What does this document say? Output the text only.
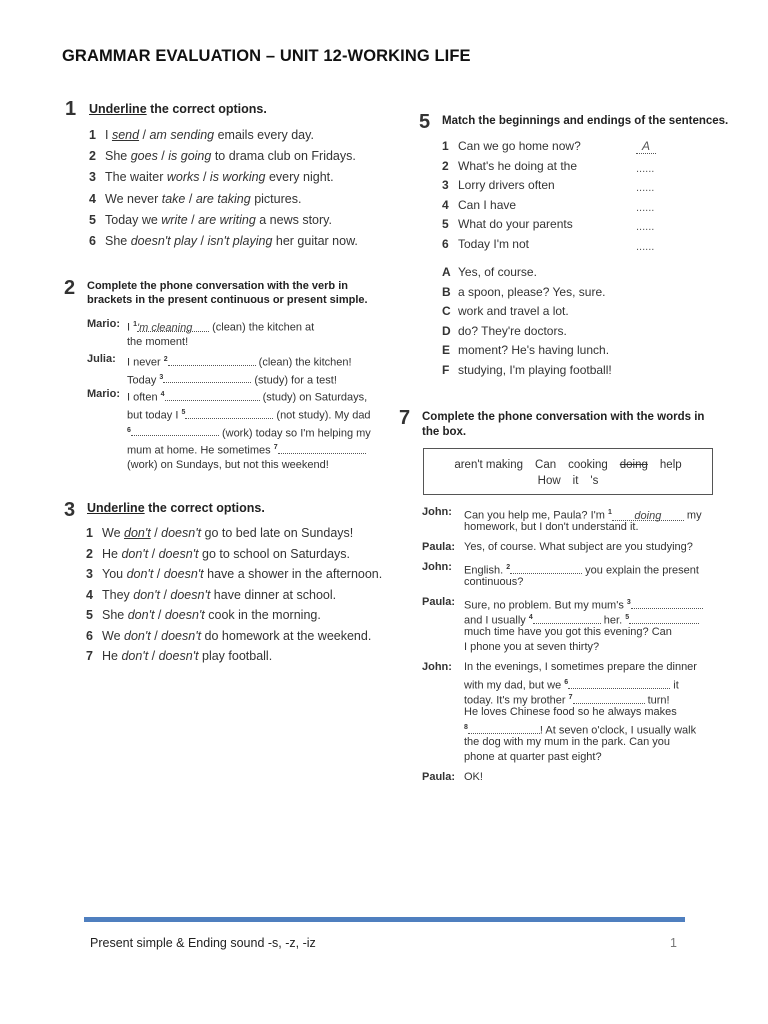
GRAMMAR EVALUATION – UNIT 12-WORKING LIFE
1 Underline the correct options.
1 I send / am sending emails every day.
2 She goes / is going to drama club on Fridays.
3 The waiter works / is working every night.
4 We never take / are taking pictures.
5 Today we write / are writing a news story.
6 She doesn't play / isn't playing her guitar now.
2 Complete the phone conversation with the verb in
brackets in the present continuous or present simple.
Mario: I $^1$'m cleaning (clean) the kitchen at
the moment!
Julia: I never $^2$	(clean) the kitchen!
Today $^3$	(study) for a test!
Mario: I often $^4$	(study) on Saturdays,
but today I $^5$	(not study). My dad
$^6$	(work) today so I'm helping my
mum at home. He sometimes $^7$
(work) on Sundays, but not this weekend!
3 Underline the correct options.
1 We don't / doesn't go to bed late on Sundays!
2 He don't / doesn't go to school on Saturdays.
3 You don't / doesn't have a shower in the afternoon.
4 They don't / doesn't have dinner at school.
5 She don't / doesn't cook in the morning.
6 We don't / doesn't do homework at the weekend.
7 He don't / doesn't play football.
5 Match the beginnings and endings of the sentences.
1 Can we go home now?	A
2 What's he doing at the	......
3 Lorry drivers often	......
4 Can I have	......
5 What do your parents	......
6 Today I'm not	......
A Yes, of course.
B a spoon, please? Yes, sure.
C work and travel a lot.
D do? They're doctors.
E moment? He's having lunch.
F studying, I'm playing football!
7 Complete the phone conversation with the words in
the box.
aren't making Can cooking doing help
How it 's
John: Can you help me, Paula? I'm $^1$ doing my
homework, but I don't understand it.
Paula: Yes, of course. What subject are you studying?
John: English. $^2$	you explain the present
continuous?
Paula: Sure, no problem. But my mum's $^3$
and I usually $^4$	her. $^5$
much time have you got this evening? Can
I phone you at seven thirty?
John: In the evenings, I sometimes prepare the dinner
with my dad, but we $^6$	it
today. It's my brother $^7$	turn!
He loves Chinese food so he always makes
$^8$	! At seven o'clock, I usually walk
the dog with my mum in the park. Can you
phone at quarter past eight?
Paula: OK!
Present simple & Ending sound -s, -z, -iz	1
